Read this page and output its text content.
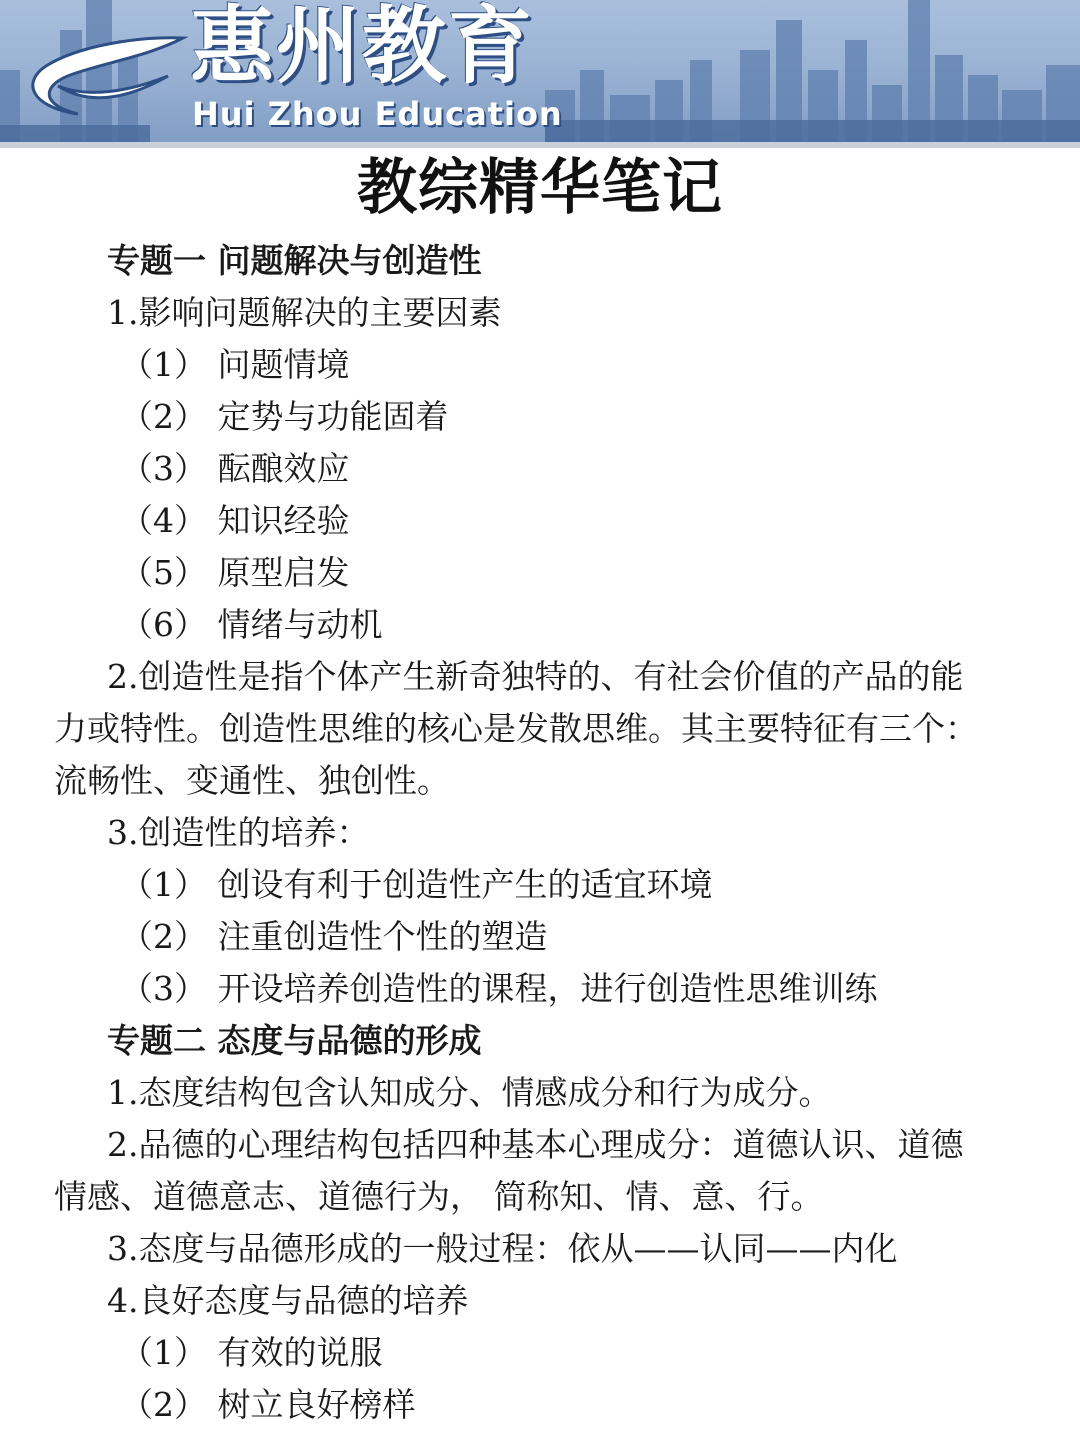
惠州教育
Hui Zhou Education
教综精华笔记
专题一 问题解决与创造性
1.影响问题解决的主要因素
（1） 问题情境
（2） 定势与功能固着
（3） 酝酿效应
（4） 知识经验
（5） 原型启发
（6） 情绪与动机
2.创造性是指个体产生新奇独特的、有社会价值的产品的能
力或特性。创造性思维的核心是发散思维。其主要特征有三个：
流畅性、变通性、独创性。
3.创造性的培养：
（1） 创设有利于创造性产生的适宜环境
（2） 注重创造性个性的塑造
（3） 开设培养创造性的课程，进行创造性思维训练
专题二 态度与品德的形成
1.态度结构包含认知成分、情感成分和行为成分。
2.品德的心理结构包括四种基本心理成分：道德认识、道德
情感、道德意志、道德行为， 简称知、情、意、行。
3.态度与品德形成的一般过程：依从——认同——内化
4.良好态度与品德的培养
（1） 有效的说服
（2） 树立良好榜样
